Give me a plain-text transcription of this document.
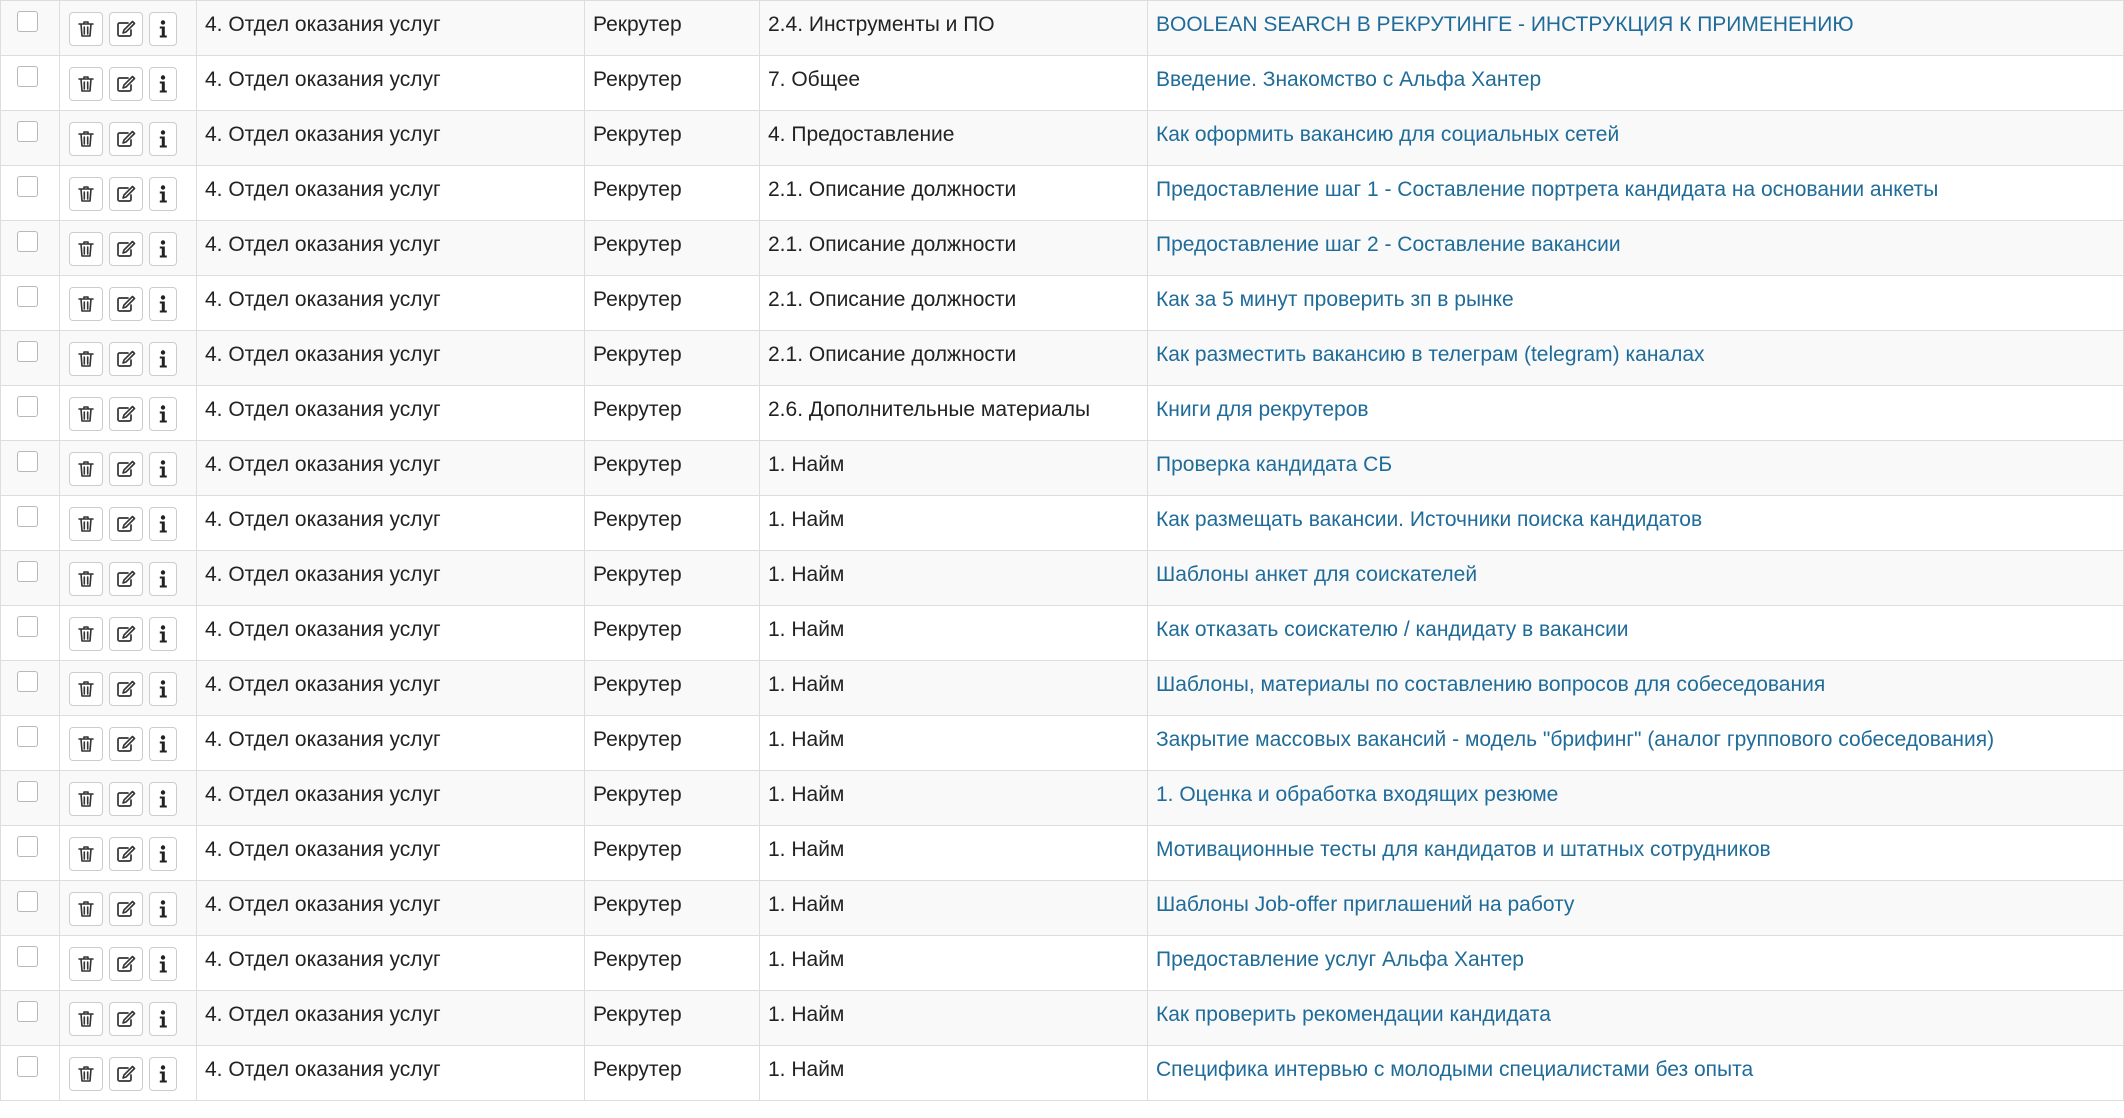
	4. Отдел оказания услуг	Рекрутер	2.4. Инструменты и ПО	BOOLEAN SEARCH В РЕКРУТИНГЕ - ИНСТРУКЦИЯ К ПРИМЕНЕНИЮ

	4. Отдел оказания услуг	Рекрутер	7. Общее	Введение. Знакомство с Альфа Хантер

	4. Отдел оказания услуг	Рекрутер	4. Предоставление	Как оформить вакансию для социальных сетей

	4. Отдел оказания услуг	Рекрутер	2.1. Описание должности	Предоставление шаг 1 - Составление портрета кандидата на основании анкеты

	4. Отдел оказания услуг	Рекрутер	2.1. Описание должности	Предоставление шаг 2 - Составление вакансии

	4. Отдел оказания услуг	Рекрутер	2.1. Описание должности	Как за 5 минут проверить зп в рынке

	4. Отдел оказания услуг	Рекрутер	2.1. Описание должности	Как разместить вакансию в телеграм (telegram) каналах

	4. Отдел оказания услуг	Рекрутер	2.6. Дополнительные материалы	Книги для рекрутеров

	4. Отдел оказания услуг	Рекрутер	1. Найм	Проверка кандидата СБ

	4. Отдел оказания услуг	Рекрутер	1. Найм	Как размещать вакансии. Источники поиска кандидатов

	4. Отдел оказания услуг	Рекрутер	1. Найм	Шаблоны анкет для соискателей

	4. Отдел оказания услуг	Рекрутер	1. Найм	Как отказать соискателю / кандидату в вакансии

	4. Отдел оказания услуг	Рекрутер	1. Найм	Шаблоны, материалы по составлению вопросов для собеседования

	4. Отдел оказания услуг	Рекрутер	1. Найм	Закрытие массовых вакансий - модель "брифинг" (аналог группового собеседования)

	4. Отдел оказания услуг	Рекрутер	1. Найм	1. Оценка и обработка входящих резюме

	4. Отдел оказания услуг	Рекрутер	1. Найм	Мотивационные тесты для кандидатов и штатных сотрудников

	4. Отдел оказания услуг	Рекрутер	1. Найм	Шаблоны Job-offer приглашений на работу

	4. Отдел оказания услуг	Рекрутер	1. Найм	Предоставление услуг Альфа Хантер

	4. Отдел оказания услуг	Рекрутер	1. Найм	Как проверить рекомендации кандидата

	4. Отдел оказания услуг	Рекрутер	1. Найм	Специфика интервью с молодыми специалистами без опыта
